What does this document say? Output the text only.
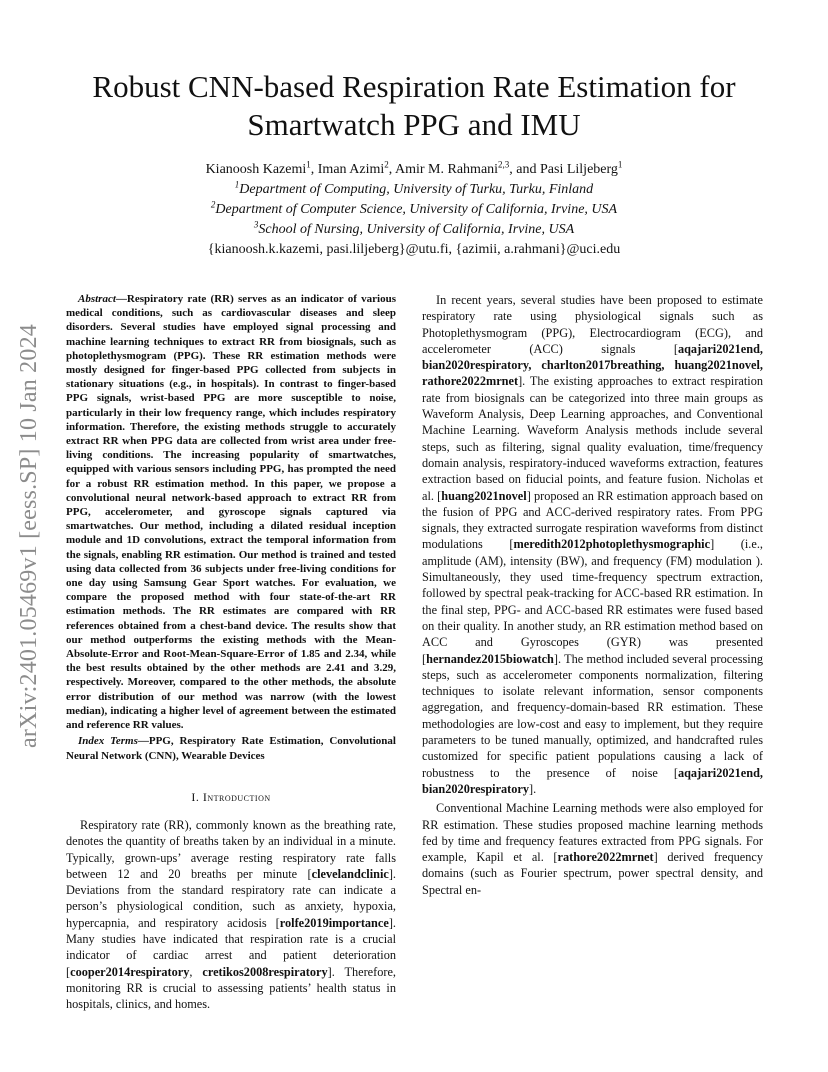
arXiv:2401.05469v1 [eess.SP] 10 Jan 2024
Robust CNN-based Respiration Rate Estimation for Smartwatch PPG and IMU
Kianoosh Kazemi$^1$, Iman Azimi$^2$, Amir M. Rahmani$^{2,3}$, and Pasi Liljeberg$^1$
$^1$Department of Computing, University of Turku, Turku, Finland
$^2$Department of Computer Science, University of California, Irvine, USA
$^3$School of Nursing, University of California, Irvine, USA
{kianoosh.k.kazemi, pasi.liljeberg}@utu.fi, {azimii, a.rahmani}@uci.edu

Abstract—Respiratory rate (RR) serves as an indicator of various medical conditions, such as cardiovascular diseases and sleep disorders. Several studies have employed signal processing and machine learning techniques to extract RR from biosignals, such as photoplethysmogram (PPG). These RR estimation methods were mostly designed for finger-based PPG collected from subjects in stationary situations (e.g., in hospitals). In contrast to finger-based PPG signals, wrist-based PPG are more susceptible to noise, particularly in their low frequency range, which includes respiratory information. Therefore, the existing methods struggle to accurately extract RR when PPG data are collected from wrist area under free-living conditions. The increasing popularity of smartwatches, equipped with various sensors including PPG, has prompted the need for a robust RR estimation method. In this paper, we propose a convolutional neural network-based approach to extract RR from PPG, accelerometer, and gyroscope signals captured via smartwatches. Our method, including a dilated residual inception module and 1D convolutions, extract the temporal information from the signals, enabling RR estimation. Our method is trained and tested using data collected from 36 subjects under free-living conditions for one day using Samsung Gear Sport watches. For evaluation, we compare the proposed method with four state-of-the-art RR estimation methods. The RR estimates are compared with RR references obtained from a chest-band device. The results show that our method outperforms the existing methods with the Mean-Absolute-Error and Root-Mean-Square-Error of 1.85 and 2.34, while the best results obtained by the other methods are 2.41 and 3.29, respectively. Moreover, compared to the other methods, the absolute error distribution of our method was narrow (with the lowest median), indicating a higher level of agreement between the estimated and reference RR values.

Index Terms—PPG, Respiratory Rate Estimation, Convolutional Neural Network (CNN), Wearable Devices

I. Introduction

Respiratory rate (RR), commonly known as the breathing rate, denotes the quantity of breaths taken by an individual in a minute. Typically, grown-ups’ average resting respiratory rate falls between 12 and 20 breaths per minute [clevelandclinic]. Deviations from the standard respiratory rate can indicate a person’s physiological condition, such as anxiety, hypoxia, hypercapnia, and respiratory acidosis [rolfe2019importance]. Many studies have indicated that respiration rate is a crucial indicator of cardiac arrest and patient deterioration [cooper2014respiratory, cretikos2008respiratory]. Therefore, monitoring RR is crucial to assessing patients’ health status in hospitals, clinics, and homes.

In recent years, several studies have been proposed to estimate respiratory rate using physiological signals such as Photoplethysmogram (PPG), Electrocardiogram (ECG), and accelerometer (ACC) signals [aqajari2021end, bian2020respiratory, charlton2017breathing, huang2021novel, rathore2022mrnet]. The existing approaches to extract respiration rate from biosignals can be categorized into three main groups as Waveform Analysis, Deep Learning approaches, and Conventional Machine Learning. Waveform Analysis methods include several steps, such as filtering, signal quality evaluation, time/frequency domain analysis, respiratory-induced waveforms extraction, features extraction based on fiducial points, and feature fusion. Nicholas et al. [huang2021novel] proposed an RR estimation approach based on the fusion of PPG and ACC-derived respiratory rates. From PPG signals, they extracted surrogate respiration waveforms from distinct modulations [meredith2012photoplethysmographic] (i.e., amplitude (AM), intensity (BW), and frequency (FM) modulation ). Simultaneously, they used time-frequency spectrum extraction, followed by spectral peak-tracking for ACC-based RR estimation. In the final step, PPG- and ACC-based RR estimates were fused based on their quality. In another study, an RR estimation method based on ACC and Gyroscopes (GYR) was presented [hernandez2015biowatch]. The method included several processing steps, such as accelerometer components normalization, filtering techniques to isolate relevant information, sensor components aggregation, and frequency-domain-based RR estimation. These methodologies are low-cost and easy to implement, but they require parameters to be tuned manually, optimized, and handcrafted rules customized for specific patient populations causing a lack of robustness to the presence of noise [aqajari2021end, bian2020respiratory].

Conventional Machine Learning methods were also employed for RR estimation. These studies proposed machine learning methods fed by time and frequency features extracted from PPG signals. For example, Kapil et al. [rathore2022mrnet] derived frequency domains (such as Fourier spectrum, power spectral density, and Spectral en-
